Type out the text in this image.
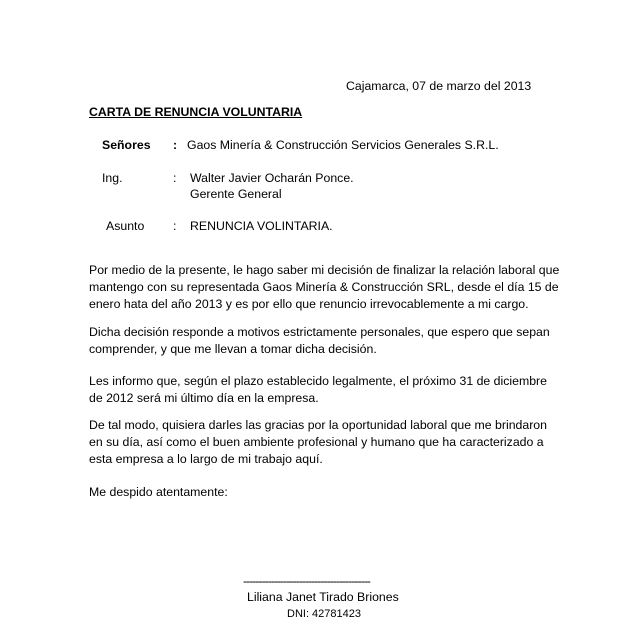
Cajamarca, 07 de marzo del 2013
CARTA DE RENUNCIA VOLUNTARIA
Señores : Gaos Minería & Construcción Servicios Generales S.R.L.
Ing.	: Walter Javier Ocharán Ponce.
Gerente General
Asunto : RENUNCIA VOLINTARIA.
Por medio de la presente, le hago saber mi decisión de finalizar la relación laboral que
mantengo con su representada Gaos Minería & Construcción SRL, desde el día 15 de
enero hata del año 2013 y es por ello que renuncio irrevocablemente a mi cargo.
Dicha decisión responde a motivos estrictamente personales, que espero que sepan
comprender, y que me llevan a tomar dicha decisión.
Les informo que, según el plazo establecido legalmente, el próximo 31 de diciembre
de 2012 será mi último día en la empresa.
De tal modo, quisiera darles las gracias por la oportunidad laboral que me brindaron
en su día, así como el buen ambiente profesional y humano que ha caracterizado a
esta empresa a lo largo de mi trabajo aquí.
Me despido atentamente:
-----------------------------------------
Liliana Janet Tirado Briones
DNI: 42781423
